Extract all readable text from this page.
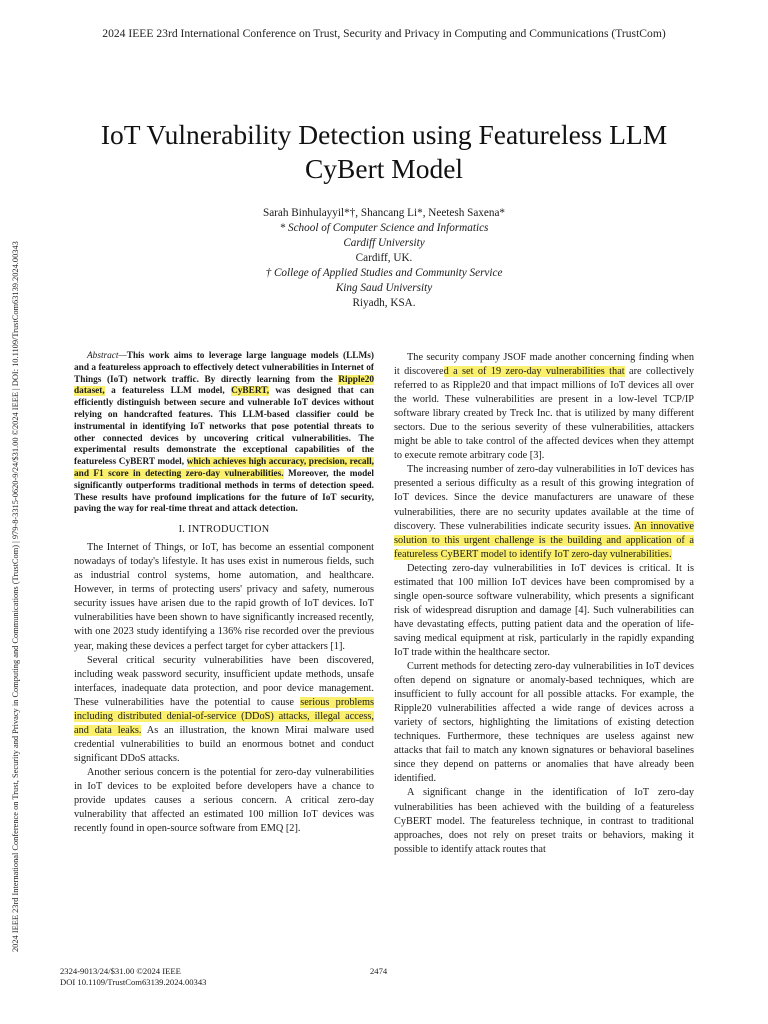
2024 IEEE 23rd International Conference on Trust, Security and Privacy in Computing and Communications (TrustCom)
2024 IEEE 23rd International Conference on Trust, Security and Privacy in Computing and Communications (TrustCom) | 979-8-3315-0620-9/24/$31.00 ©2024 IEEE | DOI: 10.1109/TrustCom63139.2024.00343
IoT Vulnerability Detection using Featureless LLM CyBert Model
Sarah Binhulayyil*†, Shancang Li*, Neetesh Saxena*
* School of Computer Science and Informatics
Cardiff University
Cardiff, UK.
† College of Applied Studies and Community Service
King Saud University
Riyadh, KSA.

Abstract—This work aims to leverage large language models (LLMs) and a featureless approach to effectively detect vulnerabilities in Internet of Things (IoT) network traffic. By directly learning from the Ripple20 dataset, a featureless LLM model, CyBERT, was designed that can efficiently distinguish between secure and vulnerable IoT devices without relying on handcrafted features. This LLM-based classifier could be instrumental in identifying IoT networks that pose potential threats to other connected devices by uncovering critical vulnerabilities. The experimental results demonstrate the exceptional capabilities of the featureless CyBERT model, which achieves high accuracy, precision, recall, and F1 score in detecting zero-day vulnerabilities. Moreover, the model significantly outperforms traditional methods in terms of detection speed. These results have profound implications for the future of IoT security, paving the way for real-time threat and attack detection.

I. INTRODUCTION

The Internet of Things, or IoT, has become an essential component nowadays of today's lifestyle. It has uses exist in numerous fields, such as industrial control systems, home automation, and healthcare. However, in terms of protecting users' privacy and safety, numerous security issues have arisen due to the rapid growth of IoT devices. IoT vulnerabilities have been shown to have significantly increased recently, with one 2023 study identifying a 136% rise recorded over the previous year, making these devices a perfect target for cyber attackers [1].

Several critical security vulnerabilities have been discovered, including weak password security, insufficient update methods, unsafe interfaces, inadequate data protection, and poor device management. These vulnerabilities have the potential to cause serious problems including distributed denial-of-service (DDoS) attacks, illegal access, and data leaks. As an illustration, the known Mirai malware used credential vulnerabilities to build an enormous botnet and conduct significant DDoS attacks.

Another serious concern is the potential for zero-day vulnerabilities in IoT devices to be exploited before developers have a chance to provide updates causes a serious concern. A critical zero-day vulnerability that affected an estimated 100 million IoT devices was recently found in open-source software from EMQ [2].

The security company JSOF made another concerning finding when it discovered a set of 19 zero-day vulnerabilities that are collectively referred to as Ripple20 and that impact millions of IoT devices all over the world. These vulnerabilities are present in a low-level TCP/IP software library created by Treck Inc. that is utilized by many different sectors. Due to the serious severity of these vulnerabilities, attackers might be able to take control of the affected devices when they attempt to execute remote arbitrary code [3].

The increasing number of zero-day vulnerabilities in IoT devices has presented a serious difficulty as a result of this growing integration of IoT devices. Since the device manufacturers are unaware of these vulnerabilities, there are no security updates available at the time of discovery. These vulnerabilities indicate security issues. An innovative solution to this urgent challenge is the building and application of a featureless CyBERT model to identify IoT zero-day vulnerabilities.

Detecting zero-day vulnerabilities in IoT devices is critical. It is estimated that 100 million IoT devices have been compromised by a single open-source software vulnerability, which presents a significant risk of widespread disruption and damage [4]. Such vulnerabilities can have devastating effects, putting patient data and the operation of life-saving medical equipment at risk, particularly in the rapidly expanding IoT trade within the healthcare sector.

Current methods for detecting zero-day vulnerabilities in IoT devices often depend on signature or anomaly-based techniques, which are insufficient to fully account for all possible attacks. For example, the Ripple20 vulnerabilities affected a wide range of devices across a variety of sectors, highlighting the limitations of existing detection techniques. Furthermore, these techniques are useless against new attacks that fail to match any known signatures or behavioral baselines since they depend on patterns or anomalies that have already been identified.

A significant change in the identification of IoT zero-day vulnerabilities has been achieved with the building of a featureless CyBERT model. The featureless technique, in contrast to traditional approaches, does not rely on preset traits or behaviors, making it possible to identify attack routes that

2324-9013/24/$31.00 ©2024 IEEE
DOI 10.1109/TrustCom63139.2024.00343
2474
